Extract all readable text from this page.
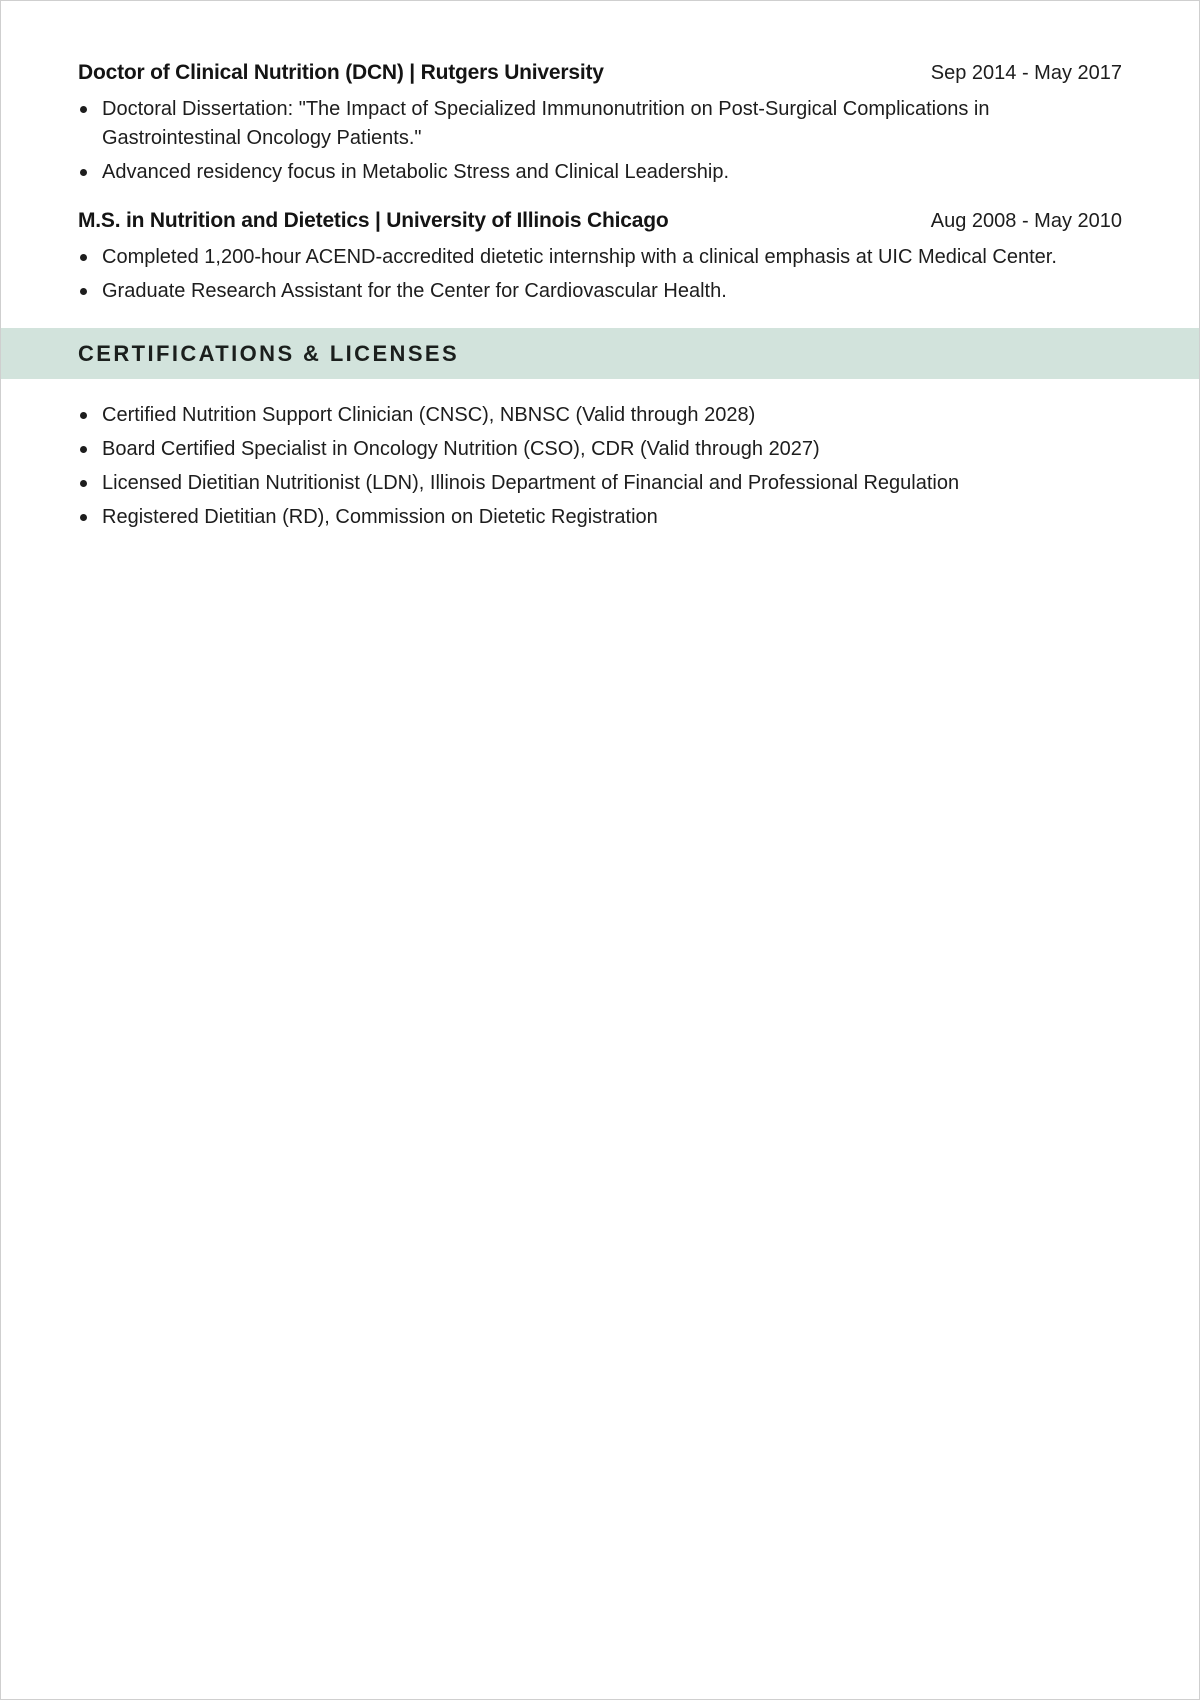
Doctor of Clinical Nutrition (DCN) | Rutgers University	Sep 2014 - May 2017
Doctoral Dissertation: "The Impact of Specialized Immunonutrition on Post-Surgical Complications in Gastrointestinal Oncology Patients."
Advanced residency focus in Metabolic Stress and Clinical Leadership.
M.S. in Nutrition and Dietetics | University of Illinois Chicago	Aug 2008 - May 2010
Completed 1,200-hour ACEND-accredited dietetic internship with a clinical emphasis at UIC Medical Center.
Graduate Research Assistant for the Center for Cardiovascular Health.
CERTIFICATIONS & LICENSES
Certified Nutrition Support Clinician (CNSC), NBNSC (Valid through 2028)
Board Certified Specialist in Oncology Nutrition (CSO), CDR (Valid through 2027)
Licensed Dietitian Nutritionist (LDN), Illinois Department of Financial and Professional Regulation
Registered Dietitian (RD), Commission on Dietetic Registration
